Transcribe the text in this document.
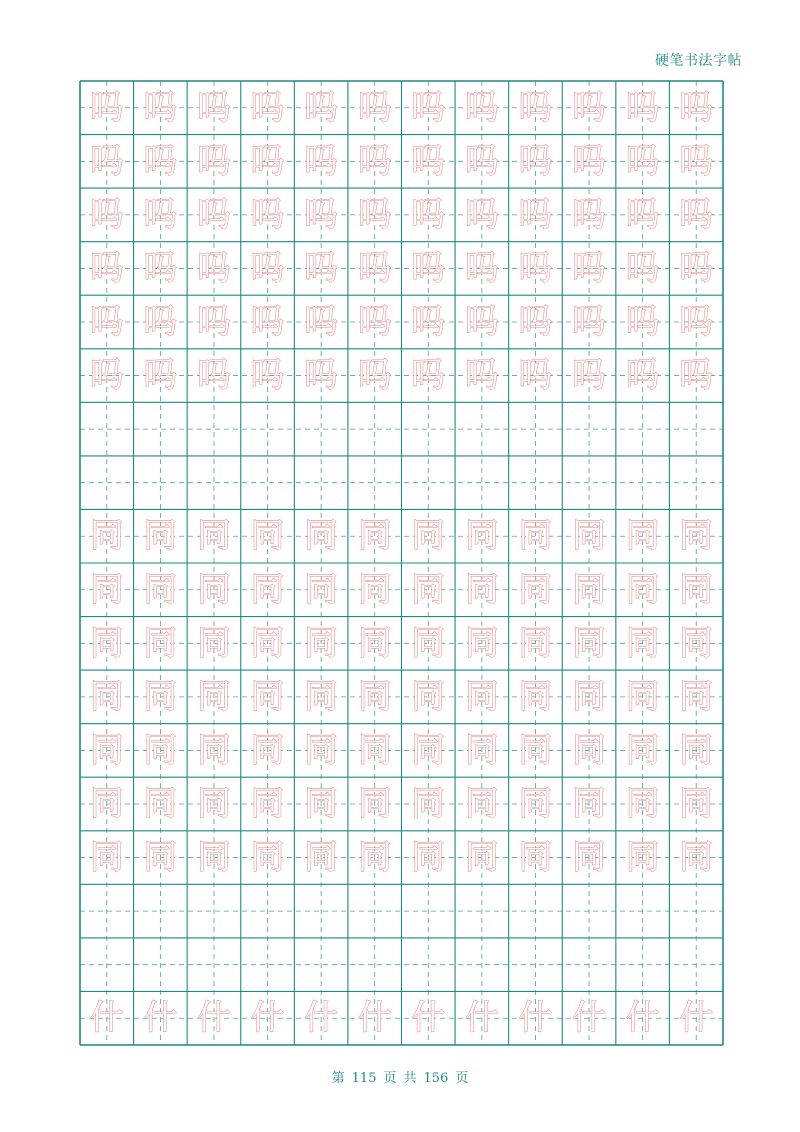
硬笔书法字帖
吗 吗 吗 吗 吗 吗 吗 吗 吗 吗 吗 吗
吗 吗 吗 吗 吗 吗 吗 吗 吗 吗 吗 吗
吗 吗 吗 吗 吗 吗 吗 吗 吗 吗 吗 吗
吗 吗 吗 吗 吗 吗 吗 吗 吗 吗 吗 吗
吗 吗 吗 吗 吗 吗 吗 吗 吗 吗 吗 吗
吗 吗 吗 吗 吗 吗 吗 吗 吗 吗 吗 吗
同 同 同 同 同 同 同 同 同 同 同 同
同 同 同 同 同 同 同 同 同 同 同 同
同 同 同 同 同 同 同 同 同 同 同 同
同 同 同 同 同 同 同 同 同 同 同 同
同 同 同 同 同 同 同 同 同 同 同 同
同 同 同 同 同 同 同 同 同 同 同 同
同 同 同 同 同 同 同 同 同 同 同 同
什 什 什 什 什 什 什 什 什 什 什 什
第 115 页 共 156 页
